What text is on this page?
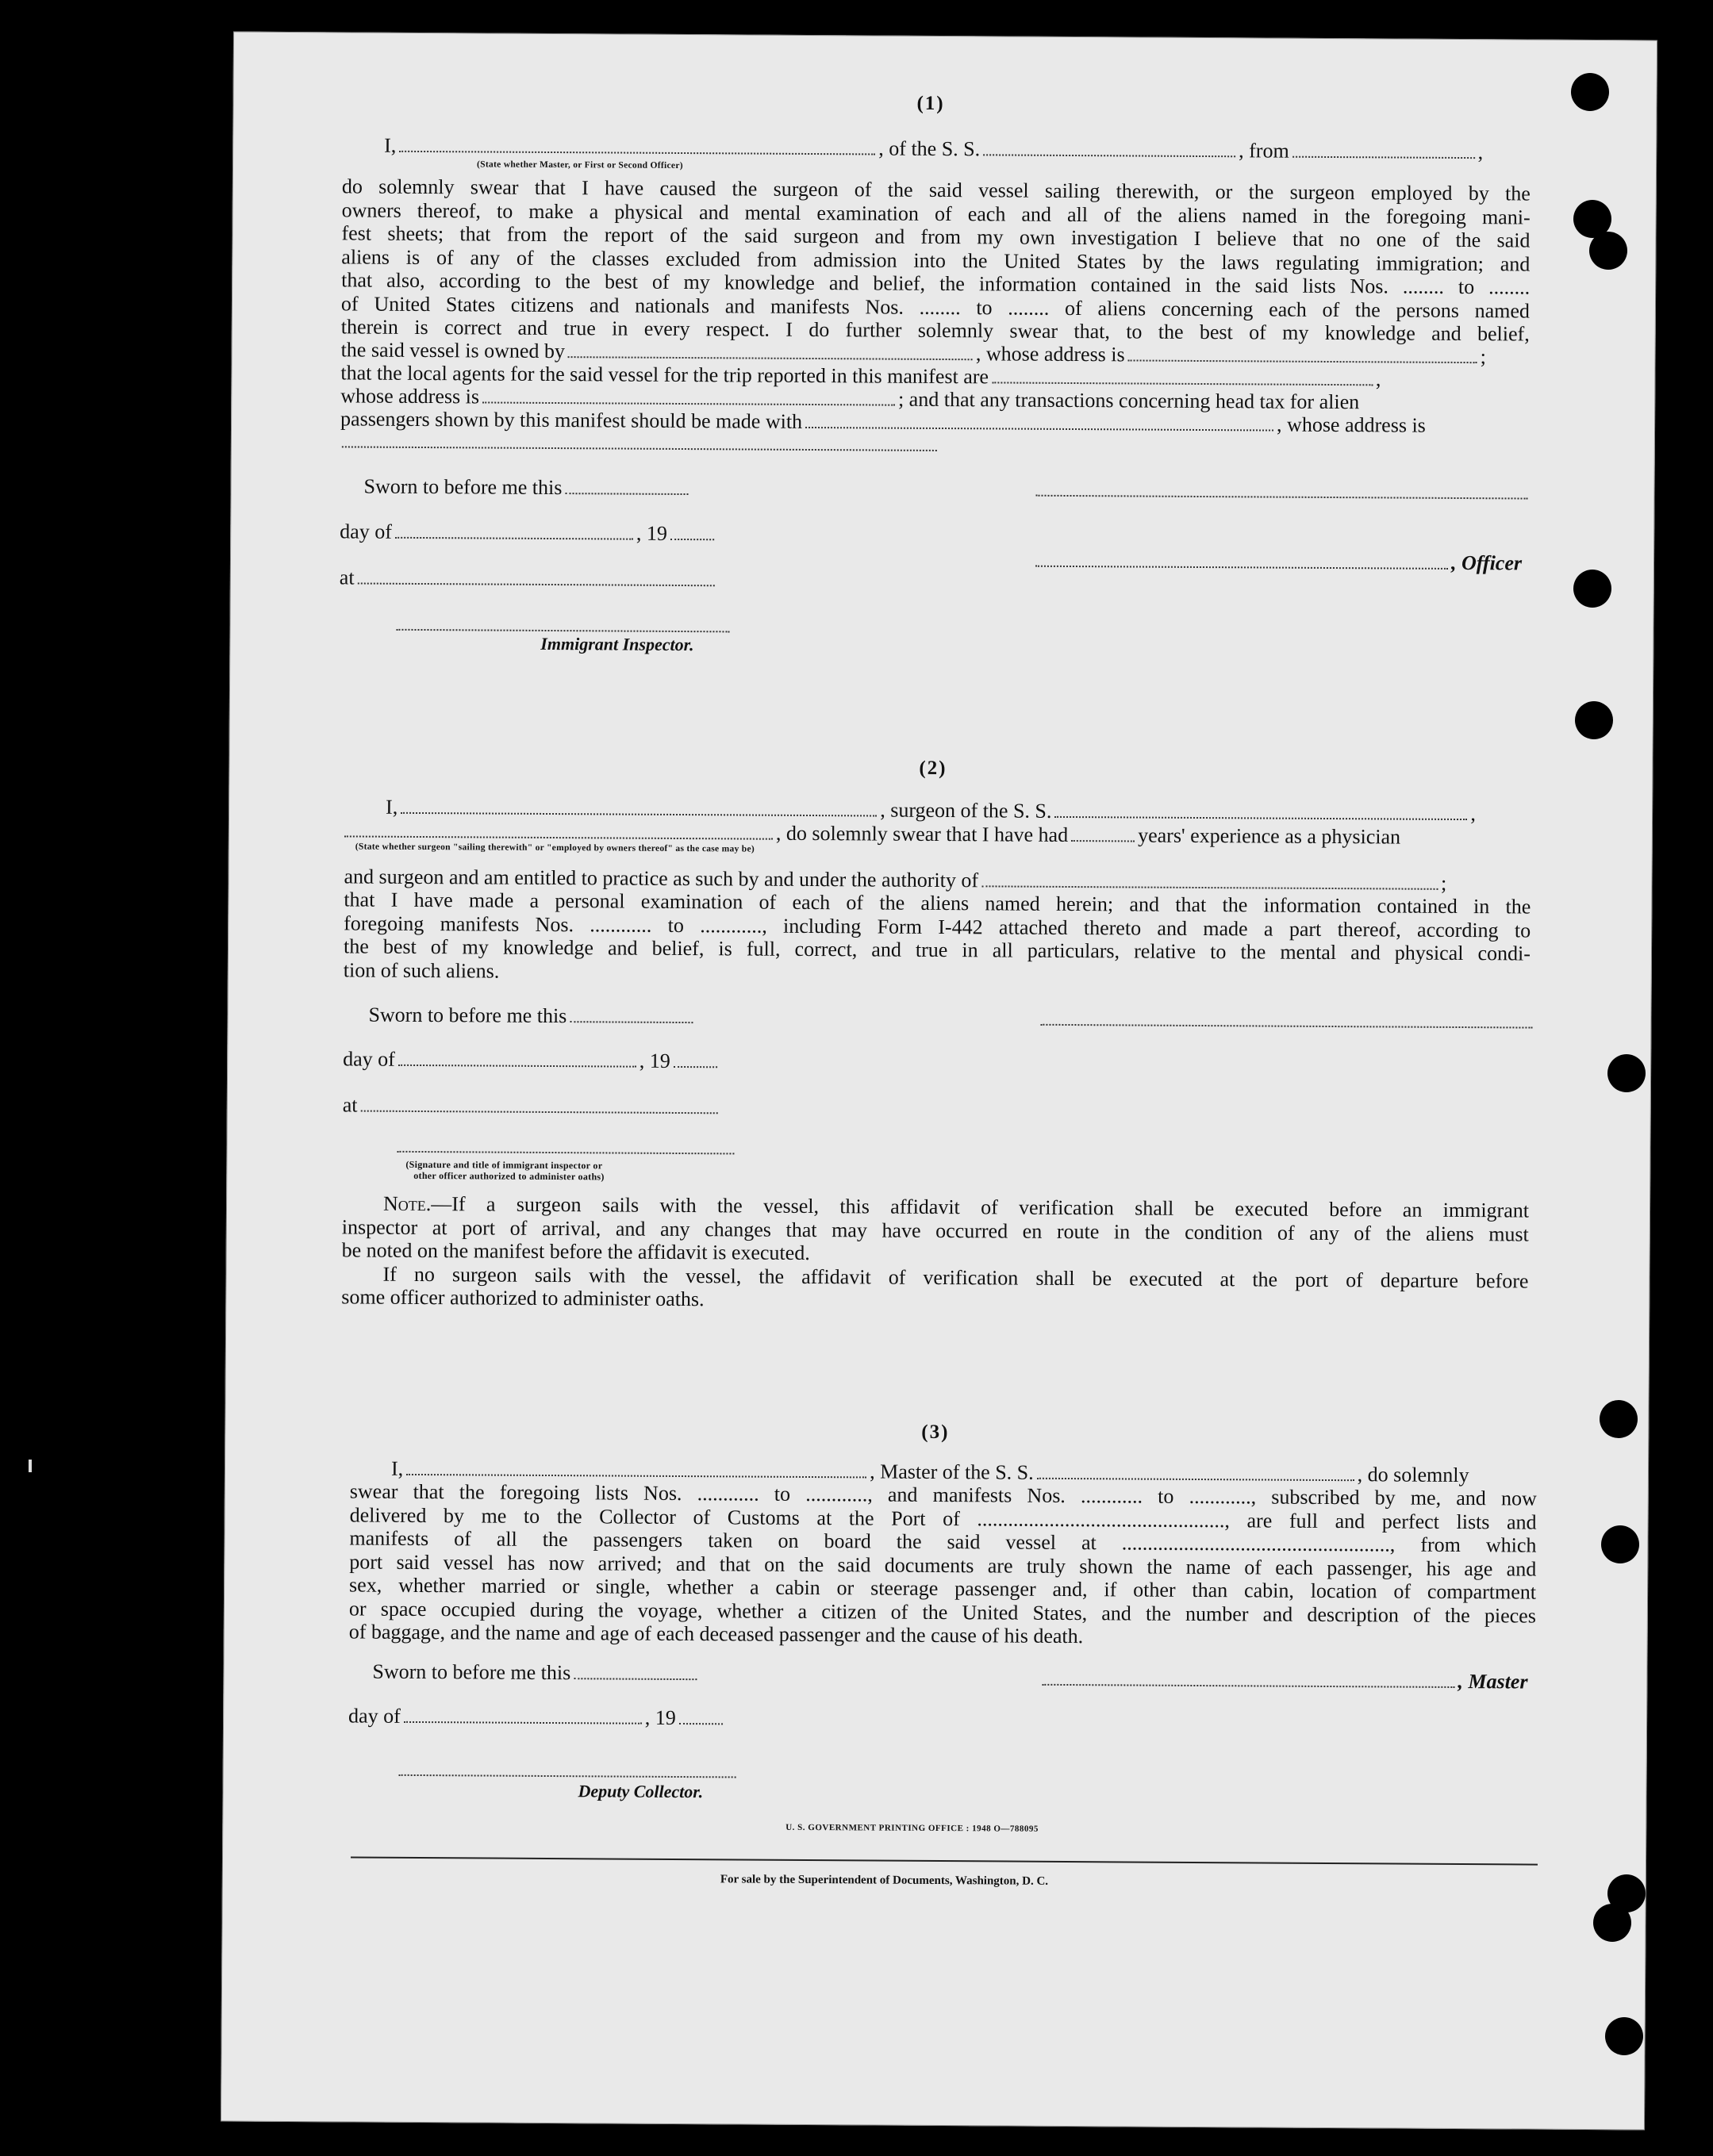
(1)
I,	, of the S. S.	, from	,
(State whether Master, or First or Second Officer)
do solemnly swear that I have caused the surgeon of the said vessel sailing therewith, or the surgeon employed by the
owners thereof, to make a physical and mental examination of each and all of the aliens named in the foregoing mani-
fest sheets; that from the report of the said surgeon and from my own investigation I believe that no one of the said
aliens is of any of the classes excluded from admission into the United States by the laws regulating immigration; and
that also, according to the best of my knowledge and belief, the information contained in the said lists Nos. ........ to ........
of United States citizens and nationals and manifests Nos. ........ to ........ of aliens concerning each of the persons named
therein is correct and true in every respect. I do further solemnly swear that, to the best of my knowledge and belief,
the said vessel is owned by	, whose address is	;
that the local agents for the said vessel for the trip reported in this manifest are	,
whose address is	; and that any transactions concerning head tax for alien
passengers shown by this manifest should be made with	, whose address is
Sworn to before me this
day of	, 19
, Officer
at
Immigrant Inspector.
(2)
I,	, surgeon of the S. S.	,
, do solemnly swear that I have had	years' experience as a physician
(State whether surgeon "sailing therewith" or "employed by owners thereof" as the case may be)
and surgeon and am entitled to practice as such by and under the authority of	;
that I have made a personal examination of each of the aliens named herein; and that the information contained in the
foregoing manifests Nos. ............ to ............, including Form I-442 attached thereto and made a part thereof, according to
the best of my knowledge and belief, is full, correct, and true in all particulars, relative to the mental and physical condi-
tion of such aliens.
Sworn to before me this
day of	, 19
at
(Signature and title of immigrant inspector or
other officer authorized to administer oaths)
Note.—If a surgeon sails with the vessel, this affidavit of verification shall be executed before an immigrant
inspector at port of arrival, and any changes that may have occurred en route in the condition of any of the aliens must
be noted on the manifest before the affidavit is executed.
If no surgeon sails with the vessel, the affidavit of verification shall be executed at the port of departure before
some officer authorized to administer oaths.
(3)
I,	, Master of the S. S.	, do solemnly
swear that the foregoing lists Nos. ............ to ............, and manifests Nos. ............ to ............, subscribed by me, and now
delivered by me to the Collector of Customs at the Port of ................................................, are full and perfect lists and
manifests of all the passengers taken on board the said vessel at ...................................................., from which
port said vessel has now arrived; and that on the said documents are truly shown the name of each passenger, his age and
sex, whether married or single, whether a cabin or steerage passenger and, if other than cabin, location of compartment
or space occupied during the voyage, whether a citizen of the United States, and the number and description of the pieces
of baggage, and the name and age of each deceased passenger and the cause of his death.
Sworn to before me this	, Master
day of	, 19
Deputy Collector.
U. S. GOVERNMENT PRINTING OFFICE : 1948 O—788095
For sale by the Superintendent of Documents, Washington, D. C.
